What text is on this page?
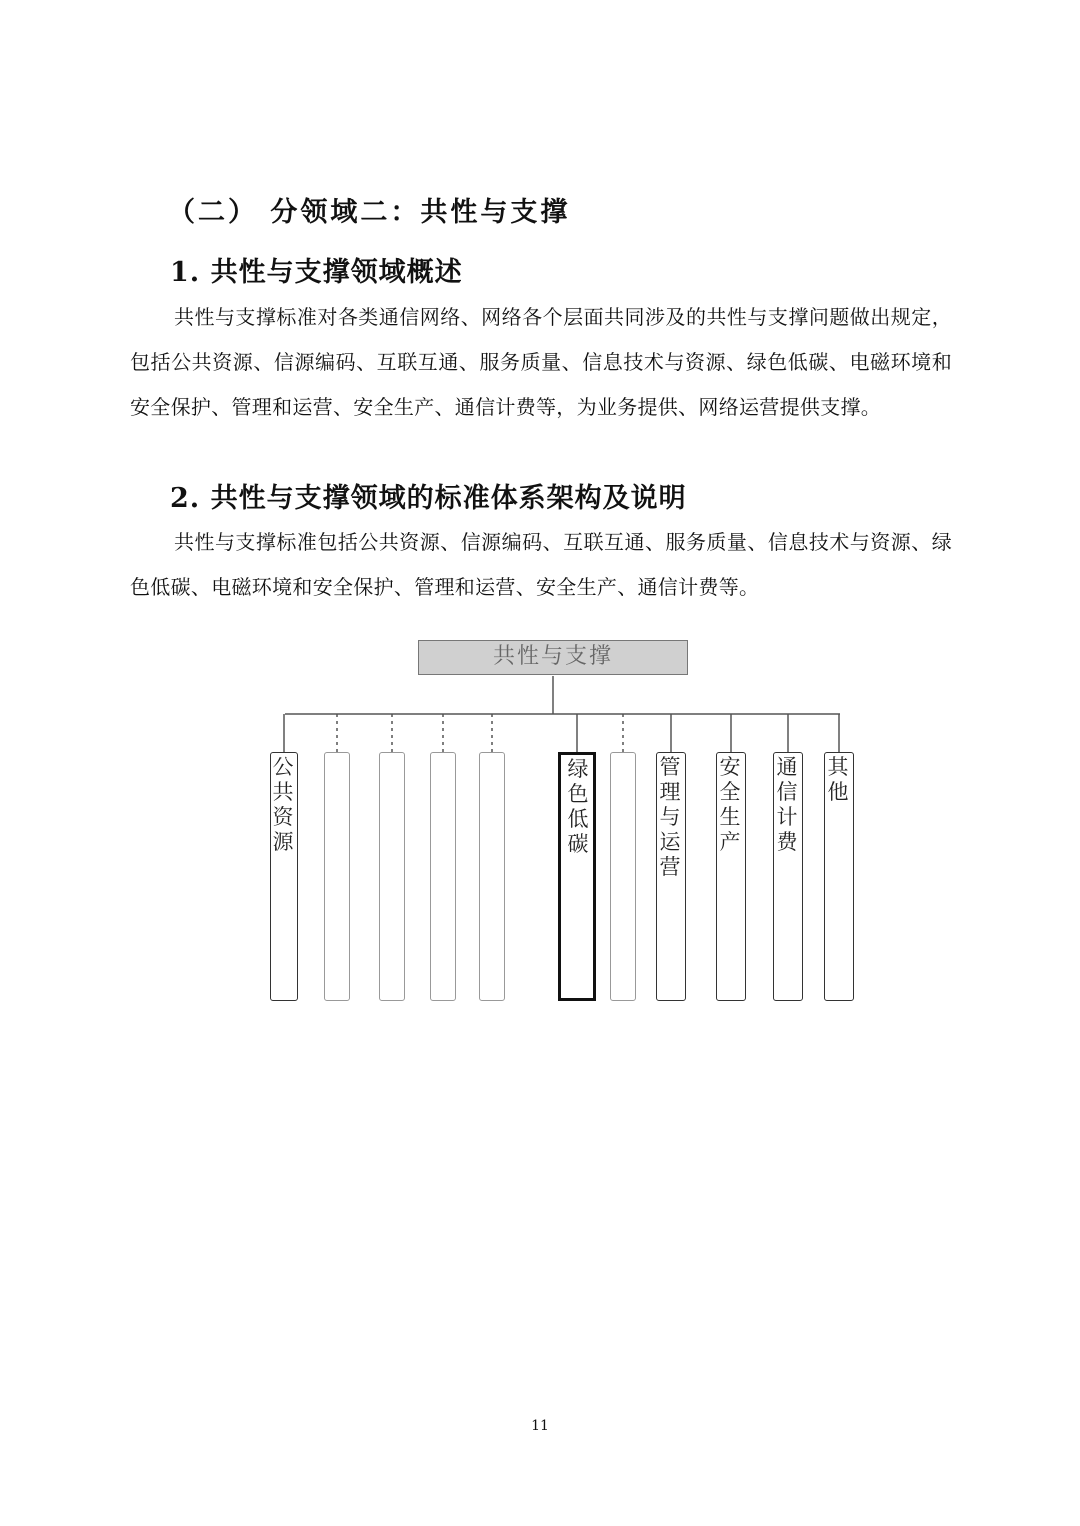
（二） 分领域二：共性与支撑
1. 共性与支撑领域概述

共性与支撑标准对各类通信网络、网络各个层面共同涉及的共性与支撑问题做出规定，包括公共资源、信源编码、互联互通、服务质量、信息技术与资源、绿色低碳、电磁环境和安全保护、管理和运营、安全生产、通信计费等，为业务提供、网络运营提供支撑。

2. 共性与支撑领域的标准体系架构及说明

共性与支撑标准包括公共资源、信源编码、互联互通、服务质量、信息技术与资源、绿色低碳、电磁环境和安全保护、管理和运营、安全生产、通信计费等。

共性与支撑
公共资源
绿色低碳
管理与运营
安全生产
通信计费
其他
11
